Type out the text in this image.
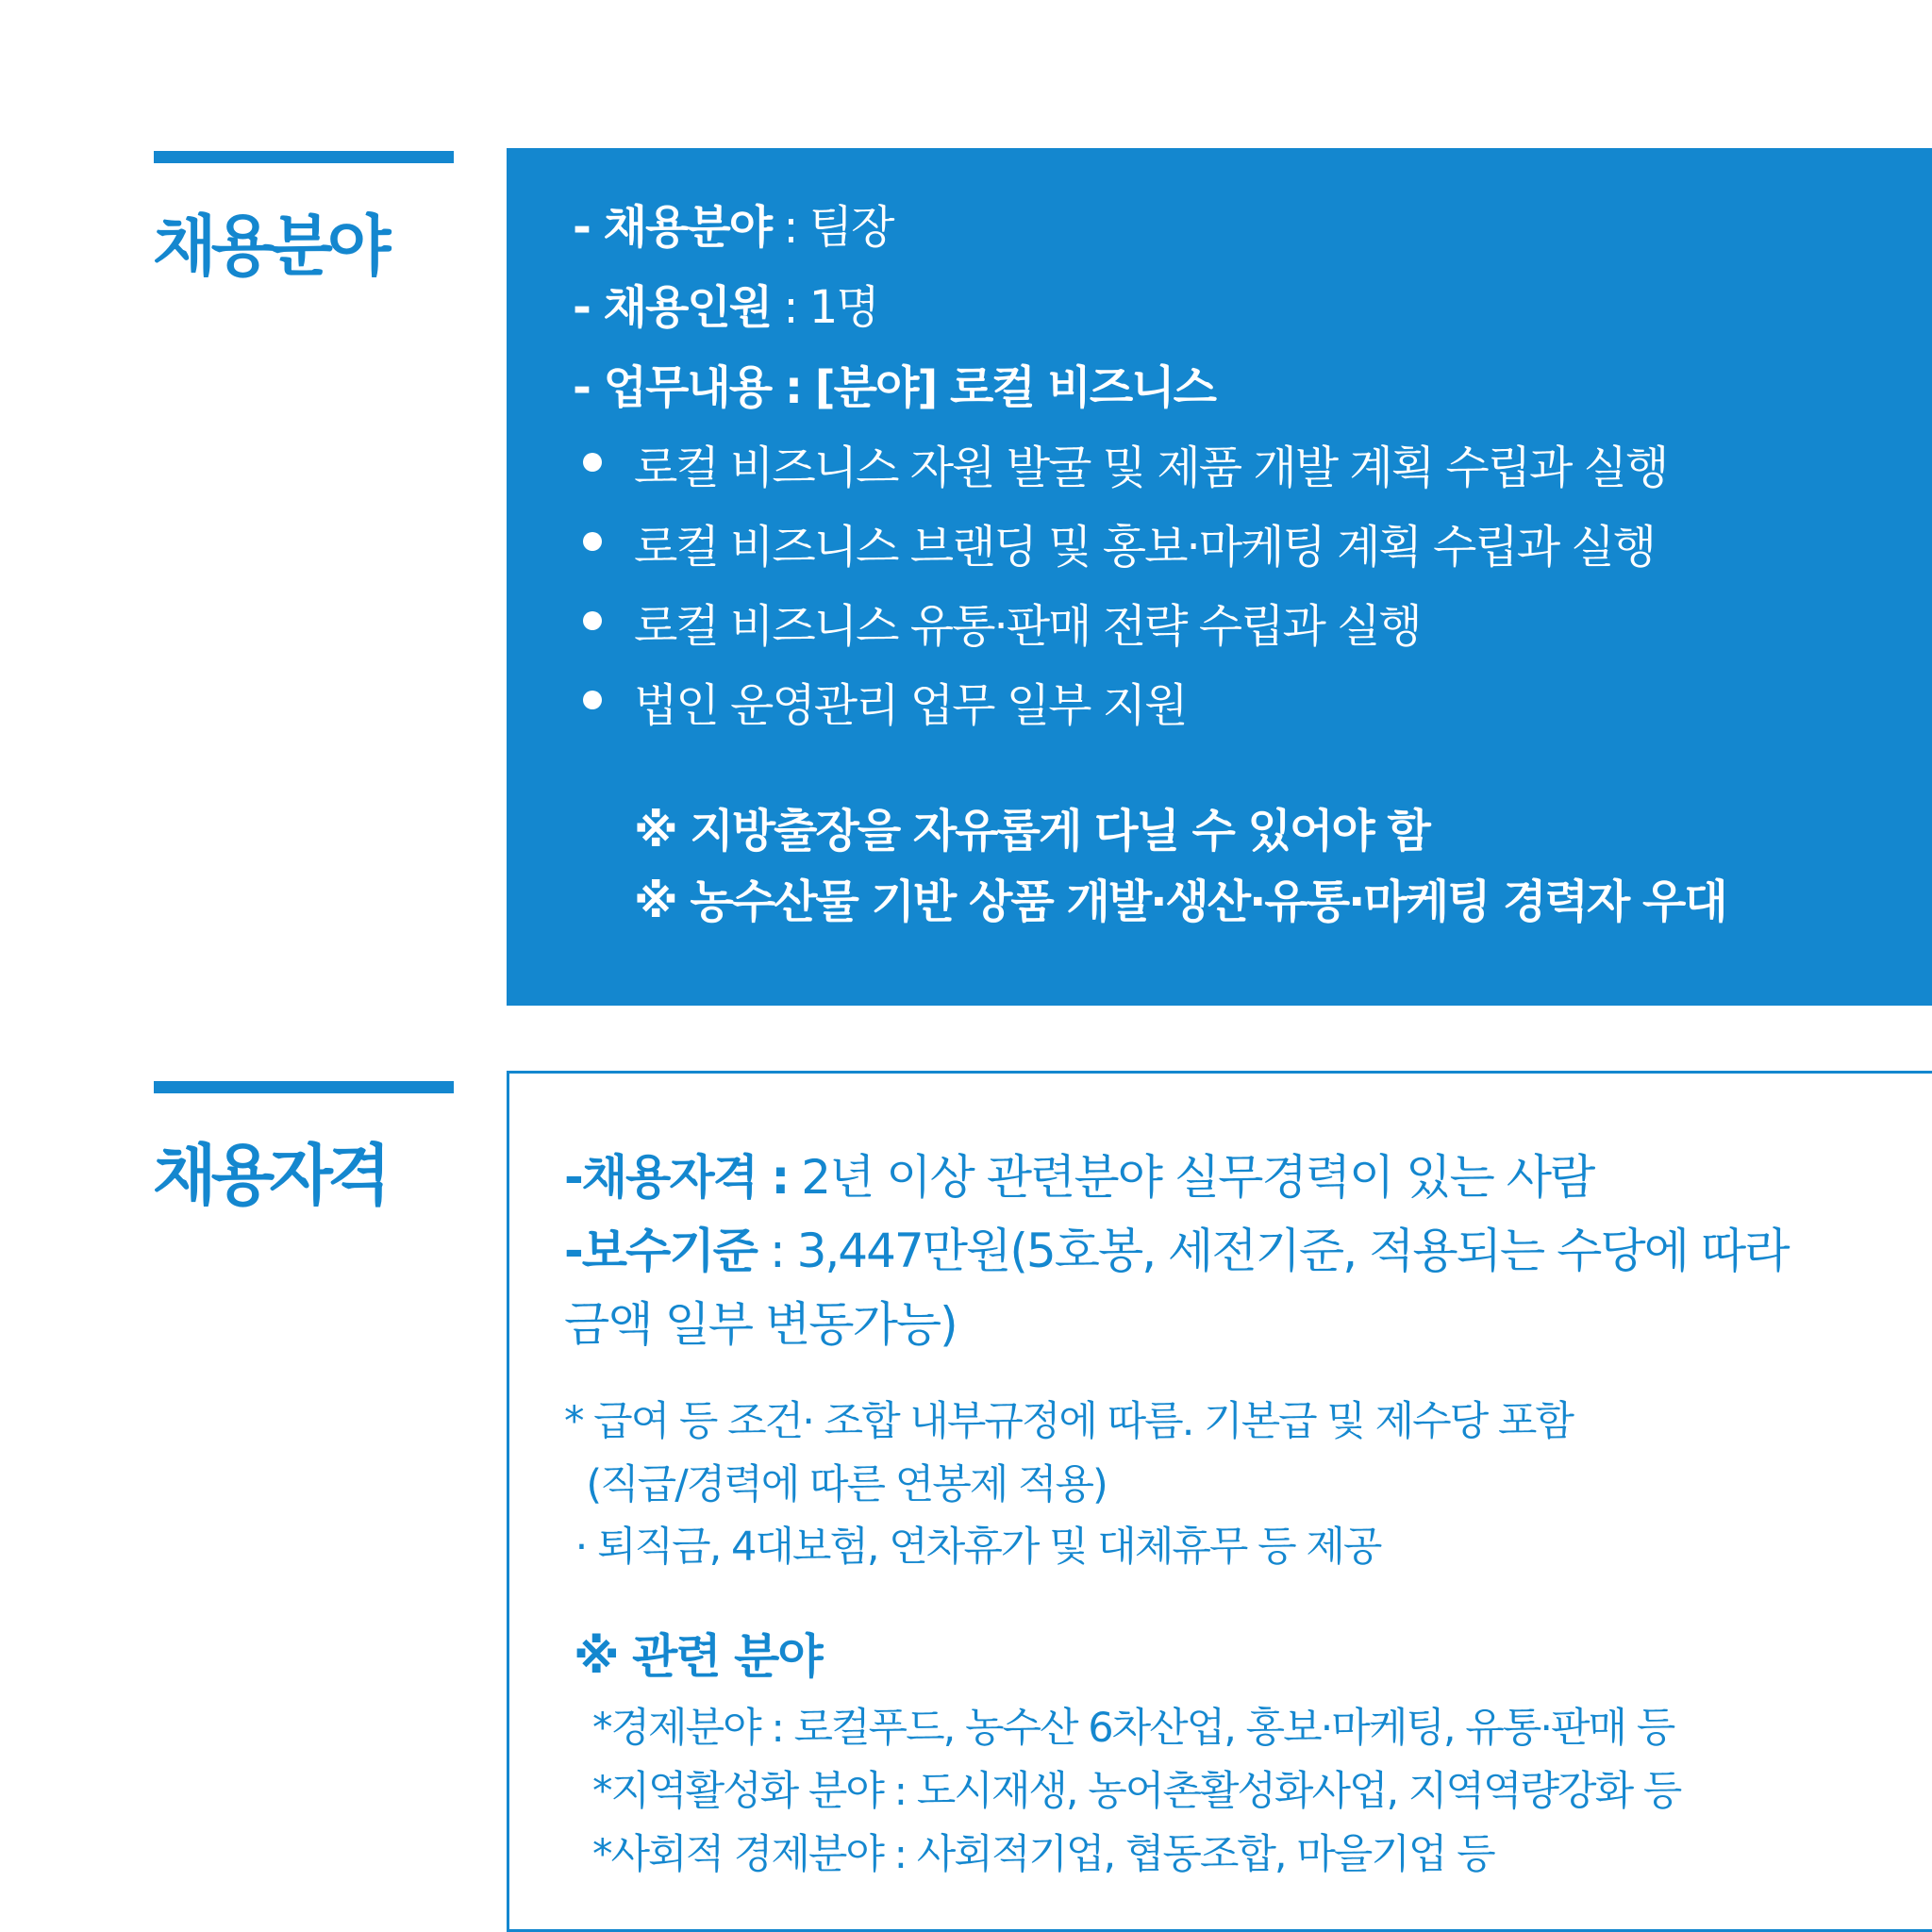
채용분야	- 채용분야 : 팀장
- 채용인원 : 1명
- 업무내용 : [분야] 로컬 비즈니스
로컬 비즈니스 자원 발굴 및 제품 개발 계획 수립과 실행
로컬 비즈니스 브랜딩 및 홍보·마케팅 계획 수립과 실행
로컬 비즈니스 유통·판매 전략 수립과 실행
법인 운영관리 업무 일부 지원
※ 지방출장을 자유롭게 다닐 수 있어야 함
※ 농수산물 기반 상품 개발·생산·유통·마케팅 경력자 우대
채용자격	-채용자격 : 2년 이상 관련분야 실무경력이 있는 사람
-보수기준 : 3,447만원(5호봉, 세전기준, 적용되는 수당에 따라
금액 일부 변동가능)
* 급여 등 조건· 조합 내부규정에 따름. 기본급 및 제수당 포함
(직급/경력에 따른 연봉제 적용)
· 퇴직금, 4대보험, 연차휴가 및 대체휴무 등 제공
※ 관련 분야
*경제분야 : 로컬푸드, 농수산 6차산업, 홍보·마케팅, 유통·판매 등
*지역활성화 분야 : 도시재생, 농어촌활성화사업, 지역역량강화 등
*사회적 경제분야 : 사회적기업, 협동조합, 마을기업 등
